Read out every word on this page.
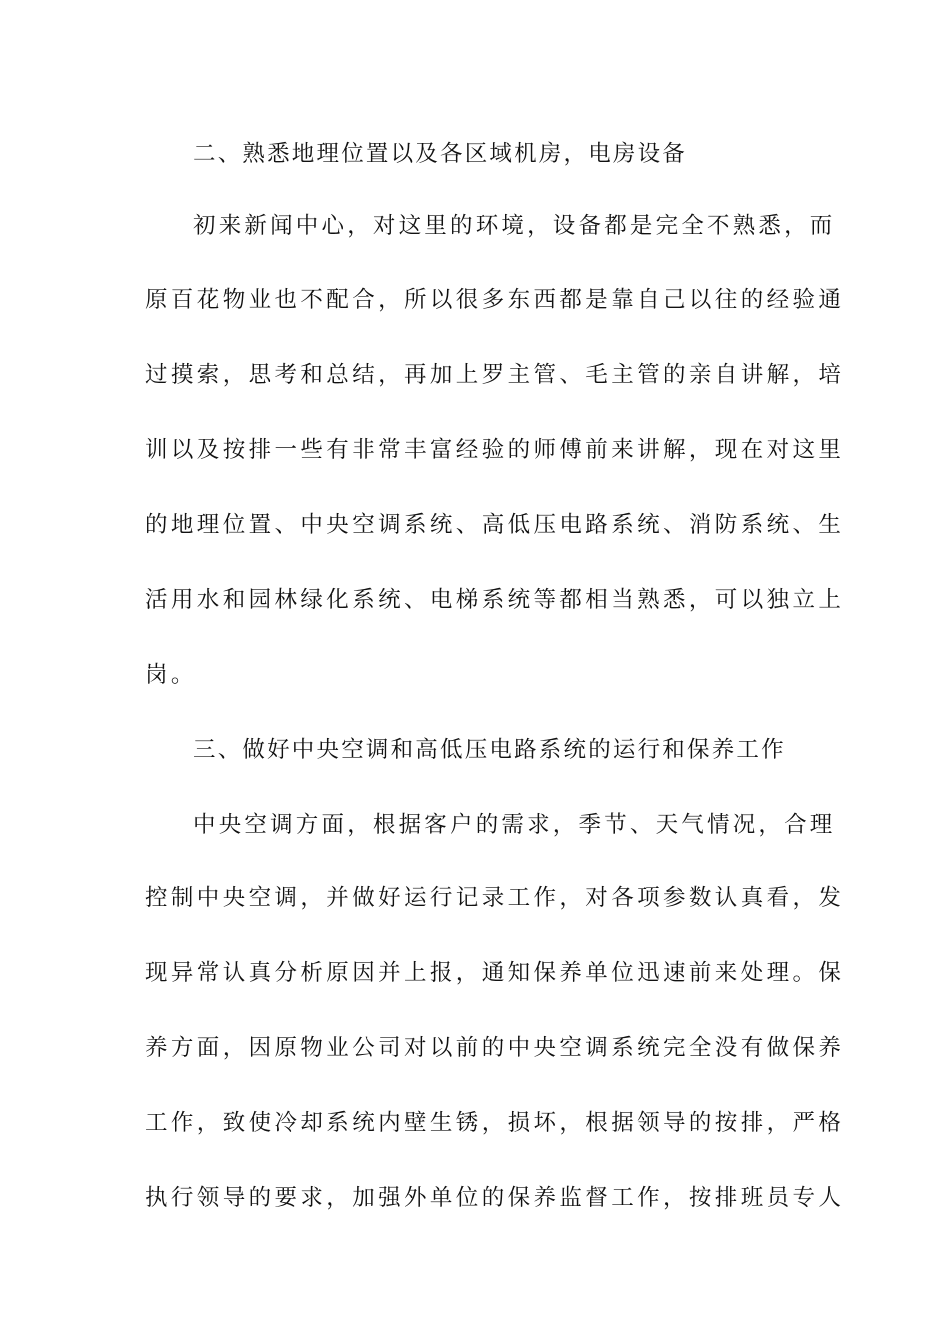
二、熟悉地理位置以及各区域机房，电房设备
初来新闻中心，对这里的环境，设备都是完全不熟悉，而
原百花物业也不配合，所以很多东西都是靠自己以往的经验通
过摸索，思考和总结，再加上罗主管、毛主管的亲自讲解，培
训以及按排一些有非常丰富经验的师傅前来讲解，现在对这里
的地理位置、中央空调系统、高低压电路系统、消防系统、生
活用水和园林绿化系统、电梯系统等都相当熟悉，可以独立上
岗。
三、做好中央空调和高低压电路系统的运行和保养工作
中央空调方面，根据客户的需求，季节、天气情况，合理
控制中央空调，并做好运行记录工作，对各项参数认真看，发
现异常认真分析原因并上报，通知保养单位迅速前来处理。保
养方面，因原物业公司对以前的中央空调系统完全没有做保养
工作，致使冷却系统内壁生锈，损坏，根据领导的按排，严格
执行领导的要求，加强外单位的保养监督工作，按排班员专人
